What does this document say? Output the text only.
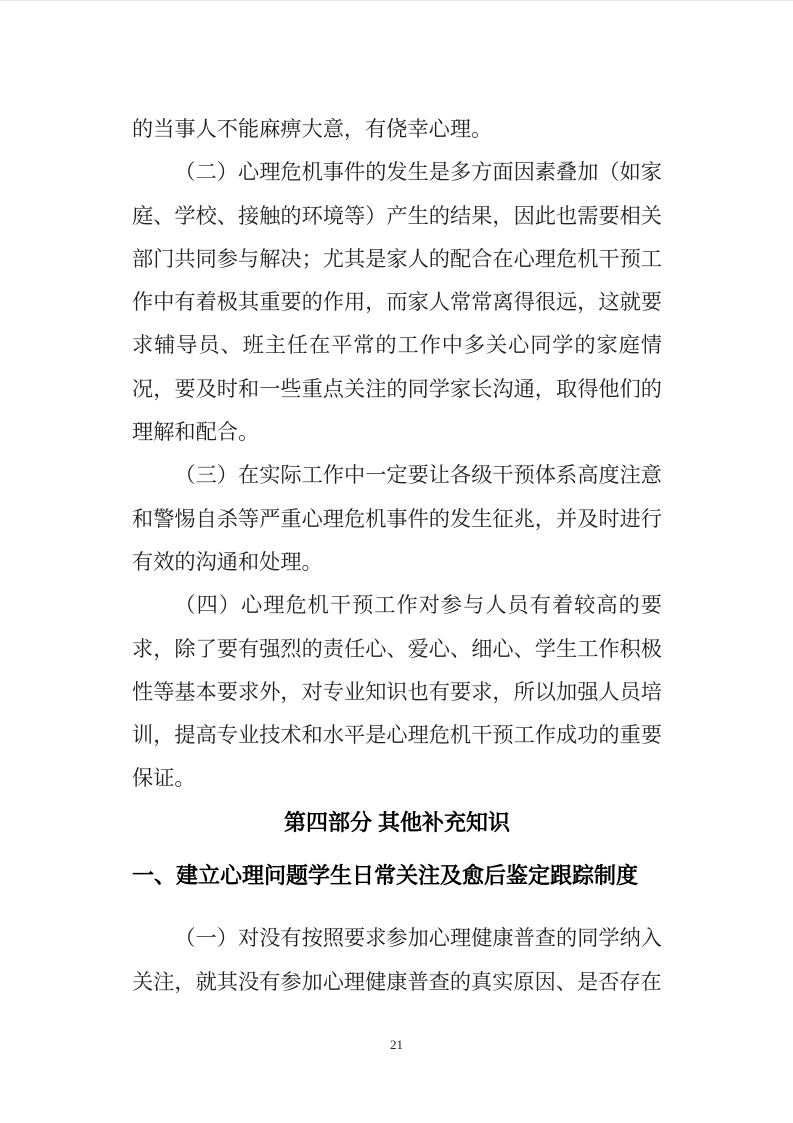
的当事人不能麻痹大意，有侥幸心理。
（二）心理危机事件的发生是多方面因素叠加（如家
庭、学校、接触的环境等）产生的结果，因此也需要相关
部门共同参与解决；尤其是家人的配合在心理危机干预工
作中有着极其重要的作用，而家人常常离得很远，这就要
求辅导员、班主任在平常的工作中多关心同学的家庭情
况，要及时和一些重点关注的同学家长沟通，取得他们的
理解和配合。
（三）在实际工作中一定要让各级干预体系高度注意
和警惕自杀等严重心理危机事件的发生征兆，并及时进行
有效的沟通和处理。
（四）心理危机干预工作对参与人员有着较高的要
求，除了要有强烈的责任心、爱心、细心、学生工作积极
性等基本要求外，对专业知识也有要求，所以加强人员培
训，提高专业技术和水平是心理危机干预工作成功的重要
保证。
第四部分 其他补充知识
一、建立心理问题学生日常关注及愈后鉴定跟踪制度
（一）对没有按照要求参加心理健康普查的同学纳入
关注，就其没有参加心理健康普查的真实原因、是否存在
21
